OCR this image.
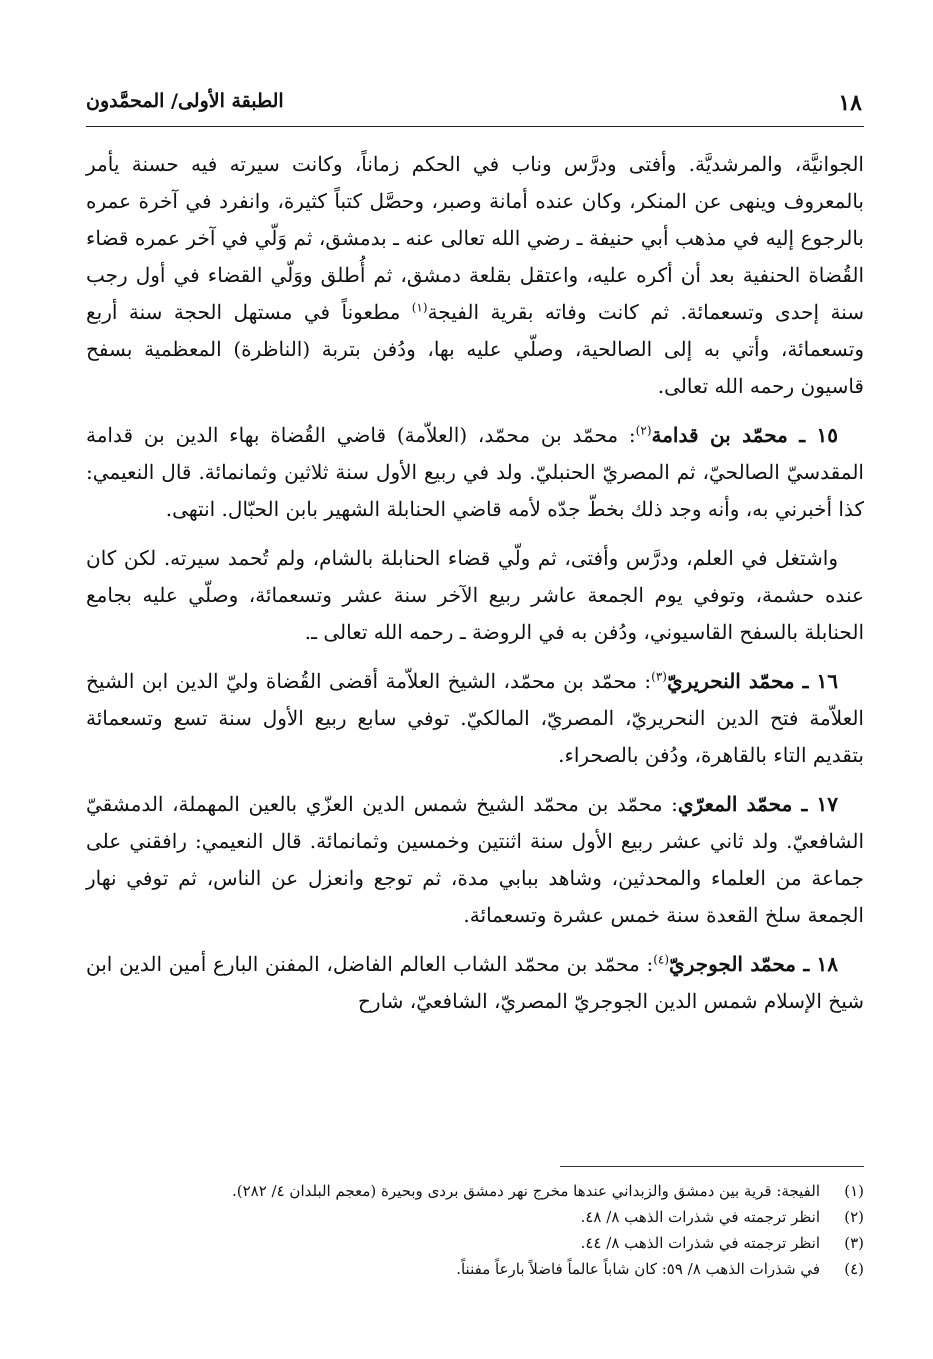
١٨
الطبقة الأولى/ المحمَّدون

الجوانيَّة، والمرشديَّة. وأفتى ودرَّس وناب في الحكم زماناً، وكانت سيرته فيه حسنة يأمر بالمعروف وينهى عن المنكر، وكان عنده أمانة وصبر، وحصَّل كتباً كثيرة، وانفرد في آخرة عمره بالرجوع إليه في مذهب أبي حنيفة ـ رضي الله تعالى عنه ـ بدمشق، ثم وَلّي في آخر عمره قضاء القُضاة الحنفية بعد أن أكره عليه، واعتقل بقلعة دمشق، ثم أُطلق ووَلّي القضاء في أول رجب سنة إحدى وتسعمائة. ثم كانت وفاته بقرية الفيجة$^{(١)}$ مطعوناً في مستهل الحجة سنة أربع وتسعمائة، وأتي به إلى الصالحية، وصلّي عليه بها، ودُفن بتربة (الناظرة) المعظمية بسفح قاسيون رحمه الله تعالى.

١٥ ـ محمّد بن قدامة$^{(٢)}$: محمّد بن محمّد، (العلاّمة) قاضي القُضاة بهاء الدين بن قدامة المقدسيّ الصالحيّ، ثم المصريّ الحنبليّ. ولد في ربيع الأول سنة ثلاثين وثمانمائة. قال النعيمي: كذا أخبرني به، وأنه وجد ذلك بخطّ جدّه لأمه قاضي الحنابلة الشهير بابن الحبّال. انتهى.

واشتغل في العلم، ودرَّس وأفتى، ثم ولّي قضاء الحنابلة بالشام، ولم تُحمد سيرته. لكن كان عنده حشمة، وتوفي يوم الجمعة عاشر ربيع الآخر سنة عشر وتسعمائة، وصلّي عليه بجامع الحنابلة بالسفح القاسيوني، ودُفن به في الروضة ـ رحمه الله تعالى ـ.

١٦ ـ محمّد النحريريّ$^{(٣)}$: محمّد بن محمّد، الشيخ العلاّمة أقضى القُضاة وليّ الدين ابن الشيخ العلاّمة فتح الدين النحريريّ، المصريّ، المالكيّ. توفي سابع ربيع الأول سنة تسع وتسعمائة بتقديم التاء بالقاهرة، ودُفن بالصحراء.

١٧ ـ محمّد المعرّي: محمّد بن محمّد الشيخ شمس الدين العزّي بالعين المهملة، الدمشقيّ الشافعيّ. ولد ثاني عشر ربيع الأول سنة اثنتين وخمسين وثمانمائة. قال النعيمي: رافقني على جماعة من العلماء والمحدثين، وشاهد ببابي مدة، ثم توجع وانعزل عن الناس، ثم توفي نهار الجمعة سلخ القعدة سنة خمس عشرة وتسعمائة.

١٨ ـ محمّد الجوجريّ$^{(٤)}$: محمّد بن محمّد الشاب العالم الفاضل، المفنن البارع أمين الدين ابن شيخ الإسلام شمس الدين الجوجريّ المصريّ، الشافعيّ، شارح

(١)
الفيجة: قرية بين دمشق والزبداني عندها مخرج نهر دمشق بردى وبحيرة (معجم البلدان ٤/ ٢٨٢).
(٢)
انظر ترجمته في شذرات الذهب ٨/ ٤٨.
(٣)
انظر ترجمته في شذرات الذهب ٨/ ٤٤.
(٤)
في شذرات الذهب ٨/ ٥٩: كان شاباً عالماً فاضلاً بارعاً مفنناً.
